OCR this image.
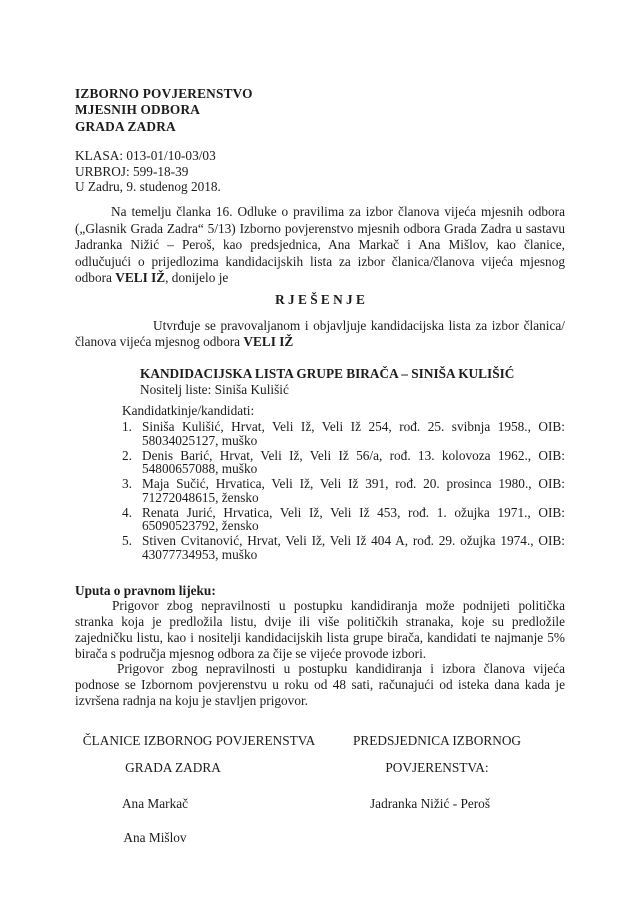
IZBORNO POVJERENSTVO
MJESNIH ODBORA
GRADA ZADRA
KLASA: 013-01/10-03/03
URBROJ: 599-18-39
U Zadru, 9. studenog 2018.

Na temelju članka 16. Odluke o pravilima za izbor članova vijeća mjesnih odbora („Glasnik Grada Zadra“ 5/13) Izborno povjerenstvo mjesnih odbora Grada Zadra u sastavu Jadranka Nižić – Peroš, kao predsjednica, Ana Markač i Ana Mišlov, kao članice, odlučujući o prijedlozima kandidacijskih lista za izbor članica/članova vijeća mjesnog odbora VELI IŽ, donijelo je

R J E Š E N J E

Utvrđuje se pravovaljanom i objavljuje kandidacijska lista za izbor članica/članova vijeća mjesnog odbora VELI IŽ

KANDIDACIJSKA LISTA GRUPE BIRAČA – SINIŠA KULIŠIĆ
Nositelj liste: Siniša Kulišić
Kandidatkinje/kandidati:
1. Siniša Kulišić, Hrvat, Veli Iž, Veli Iž 254, rođ. 25. svibnja 1958., OIB: 58034025127, muško
2. Denis Barić, Hrvat, Veli Iž, Veli Iž 56/a, rođ. 13. kolovoza 1962., OIB: 54800657088, muško
3. Maja Sučić, Hrvatica, Veli Iž, Veli Iž 391, rođ. 20. prosinca 1980., OIB: 71272048615, žensko
4. Renata Jurić, Hrvatica, Veli Iž, Veli Iž 453, rođ. 1. ožujka 1971., OIB: 65090523792, žensko
5. Stiven Cvitanović, Hrvat, Veli Iž, Veli Iž 404 A, rođ. 29. ožujka 1974., OIB: 43077734953, muško
Uputa o pravnom lijeku:

Prigovor zbog nepravilnosti u postupku kandidiranja može podnijeti politička stranka koja je predložila listu, dvije ili više političkih stranaka, koje su predložile zajedničku listu, kao i nositelji kandidacijskih lista grupe birača, kandidati te najmanje 5% birača s područja mjesnog odbora za čije se vijeće provode izbori.

Prigovor zbog nepravilnosti u postupku kandidiranja i izbora članova vijeća podnose se Izbornom povjerenstvu u roku od 48 sati, računajući od isteka dana kada je izvršena radnja na koju je stavljen prigovor.

ČLANICE IZBORNOG POVJERENSTVA
GRADA ZADRA
Ana Markač
Ana Mišlov
PREDSJEDNICA IZBORNOG
POVJERENSTVA:
Jadranka Nižić - Peroš
